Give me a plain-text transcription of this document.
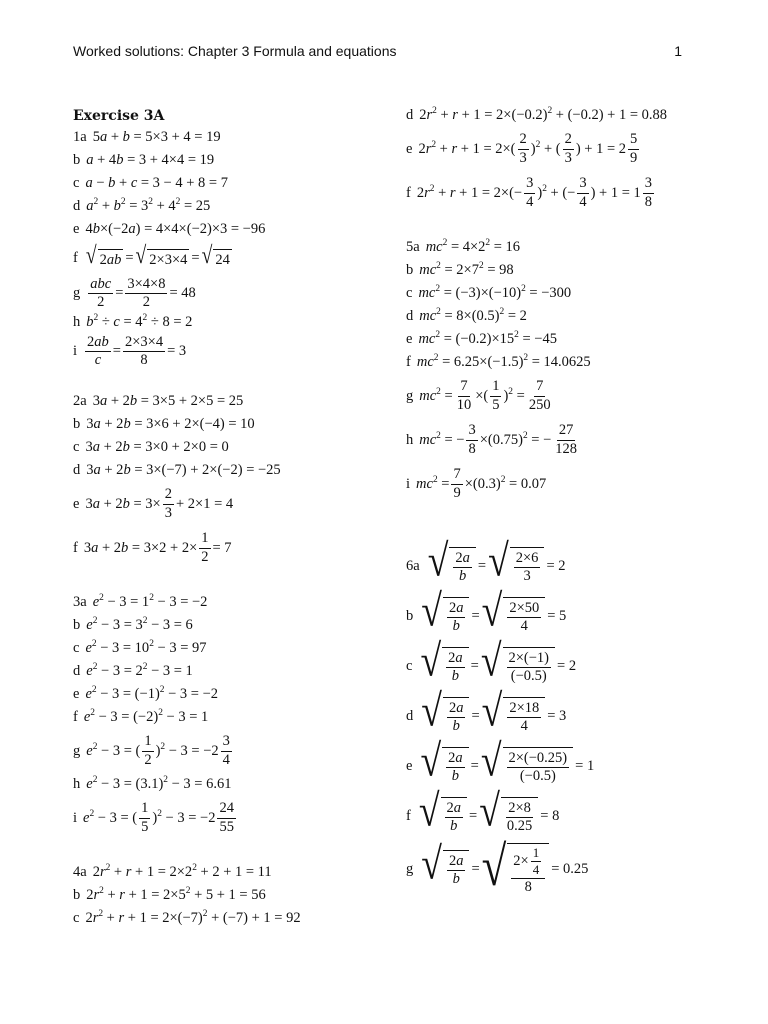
Worked solutions: Chapter 3 Formula and equations	1
Exercise 3A
1a 5a + b = 5×3 + 4 = 19
b a + 4b = 3 + 4×4 = 19
c a − b + c = 3 − 4 + 8 = 7
d $a^2 + b^2 = 3^2 + 4^2 = 25$
e 4b×(−2a) = 4×4×(−2)×3 = −96
f √ 2 ab = √ 2×3×4 = √ 24
g $\frac{\text{abc}}{2} = \frac{3\times 4\times 8}{2} = 48$
h $b^2 \div c = 4^2 \div 8 = 2$
i $\frac{2ab}{c} = \frac{2\times 3\times 4}{8} = 3$
2a 3a + 2b = 3×5 + 2×5 = 25
b 3a + 2b = 3×6 + 2×(−4) = 10
c 3a + 2b = 3×0 + 2×0 = 0
d 3a + 2b = 3×(−7) + 2×(−2) = −25
e $3a + 2b = 3\times \frac{2}{3} + 2\times 1 = 4$
f $3a + 2b = 3\times 2 + 2\times \frac{1}{2} = 7$
3a $e^2 - 3 = 1^2 - 3 = -2$
b $e^2 - 3 = 3^2 - 3 = 6$
c $e^2 - 3 = 10^2 - 3 = 97$
d $e^2 - 3 = 2^2 - 3 = 1$
e $e^2 - 3 = (-1)^2 - 3 = -2$
f $e^2 - 3 = (-2)^2 - 3 = 1$
g $e^2 - 3$ = ( $\frac{1}{2} )^2 - 3 = -2 \frac{3}{4}$
h $e^2 - 3 = (3.1)^2 - 3 = 6.61$
i $e^2 - 3$ = ( $\frac{1}{5} )^2 - 3 = -2 \frac{24}{55}$
4a $2r^2 + r + 1 = 2\times 2^2 + 2 + 1 = 11$
b $2r^2 + r + 1 = 2\times 5^2 + 5 + 1 = 56$
c $2r^2 + r + 1 = 2\times(-7)^2 + (-7) + 1 = 92$
d $2r^2 + r + 1 = 2\times(-0.2)^2 + (-0.2) + 1 = 0.88$
e $2r^2 + r + 1 = 2\times( \frac{2}{3} )^2$ + ( $\frac{2}{3}$ ) + $1 = 2 \frac{5}{9}$
f $2r^2 + r + 1 = 2\times(- \frac{3}{4} )^2$ + (− $\frac{3}{4}$ ) + $1 = 1 \frac{3}{8}$
5a $mc^2 = 4\times 2^2 = 16$
b $mc^2 = 2\times 7^2 = 98$
c $mc^2 = (-3)\times(-10)^2 = -300$
d $mc^2 = 8\times(0.5)^2 = 2$
e $mc^2 = (-0.2)\times 15^2 = -45$
f $mc^2 = 6.25\times(-1.5)^2 = 14.0625$
g $mc^2 = \frac{7}{10}$ ×( $\frac{1}{5} )^2 = \frac{7}{250}$
h $mc^2$ = − $\frac{3}{8} \times(0.75)^2$ = − $\frac{27}{128}$
i $mc^2 = \frac{7}{9} \times(0.3)^2 = 0.07$
6a √ $\frac{2a}{b}$ = √ $\frac{2\times 6}{3} = 2$
b √ $\frac{2a}{b}$ = √ $\frac{2\times 50}{4} = 5$
c √ $\frac{2a}{b}$ = √ $\frac{2\times(-1)}{(-0.5)} = 2$
d √ $\frac{2a}{b}$ = √ $\frac{2\times 18}{4} = 3$
e √ $\frac{2a}{b}$ = √ $\frac{2\times(-0.25)}{(-0.5)} = 1$
f √ $\frac{2a}{b}$ = √ $\frac{2\times 8}{0.25} = 8$
g √ $\frac{2a}{b}$ = √ $\frac{2\times \frac{1}{4}}{8} = 0.25$
